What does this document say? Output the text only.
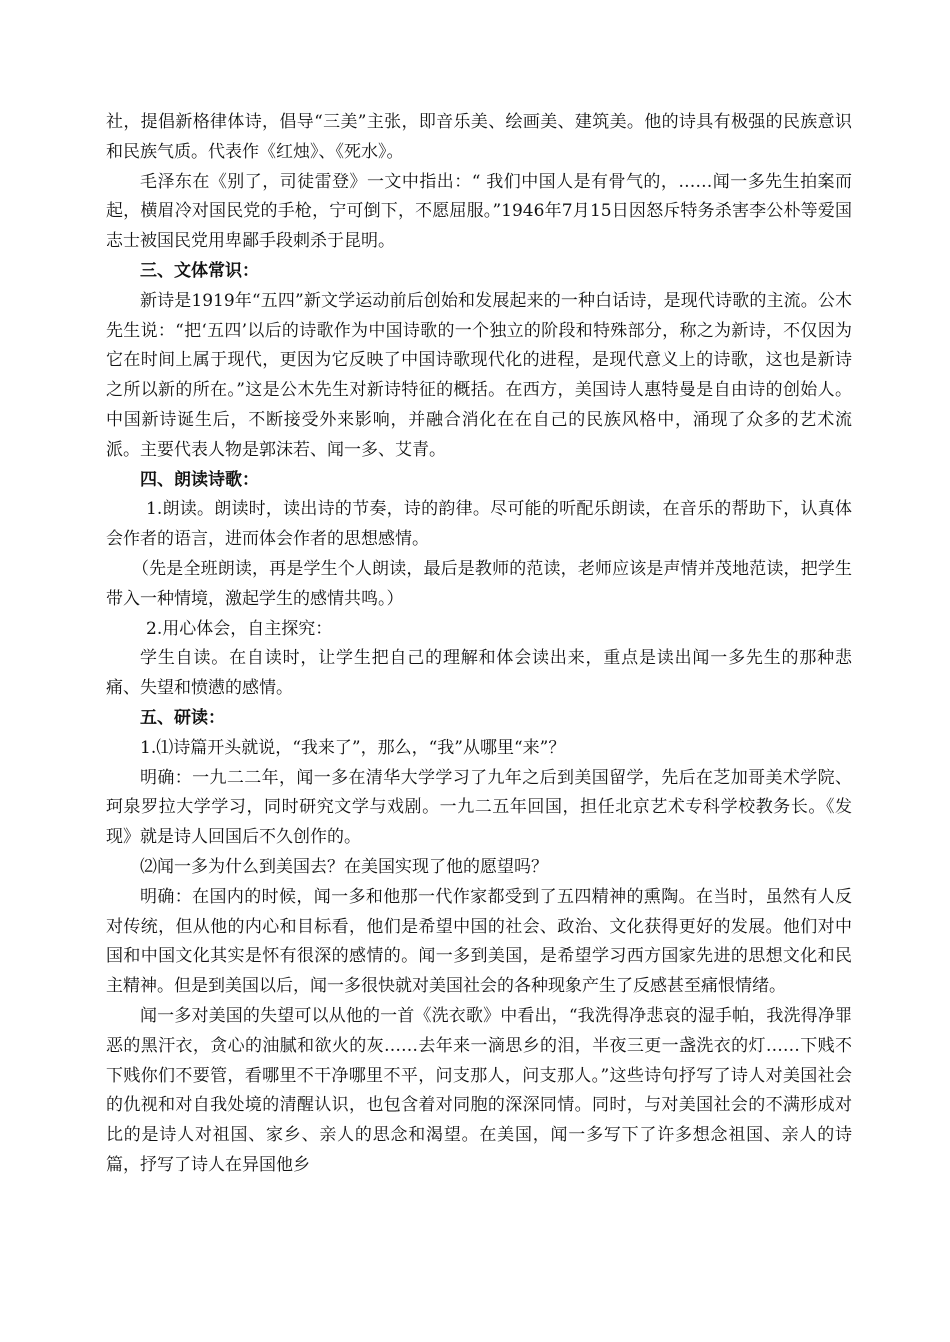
社，提倡新格律体诗，倡导“三美”主张，即音乐美、绘画美、建筑美。他的诗具有极强的民族意识和民族气质。代表作《红烛》、《死水》。

毛泽东在《别了，司徒雷登》一文中指出：“ 我们中国人是有骨气的，……闻一多先生拍案而起，横眉冷对国民党的手枪，宁可倒下，不愿屈服。”1946年7月15日因怒斥特务杀害李公朴等爱国志士被国民党用卑鄙手段刺杀于昆明。

三、文体常识：

新诗是1919年“五四”新文学运动前后创始和发展起来的一种白话诗，是现代诗歌的主流。公木先生说：“把‘五四’以后的诗歌作为中国诗歌的一个独立的阶段和特殊部分，称之为新诗，不仅因为它在时间上属于现代，更因为它反映了中国诗歌现代化的进程，是现代意义上的诗歌，这也是新诗之所以新的所在。”这是公木先生对新诗特征的概括。在西方，美国诗人惠特曼是自由诗的创始人。中国新诗诞生后，不断接受外来影响，并融合消化在在自己的民族风格中，涌现了众多的艺术流派。主要代表人物是郭沫若、闻一多、艾青。

四、朗读诗歌：

1.朗读。朗读时，读出诗的节奏，诗的韵律。尽可能的听配乐朗读，在音乐的帮助下，认真体会作者的语言，进而体会作者的思想感情。

（先是全班朗读，再是学生个人朗读，最后是教师的范读，老师应该是声情并茂地范读，把学生带入一种情境，激起学生的感情共鸣。）

2.用心体会，自主探究：

学生自读。在自读时，让学生把自己的理解和体会读出来，重点是读出闻一多先生的那种悲痛、失望和愤懑的感情。

五、研读：

1.⑴诗篇开头就说，“我来了”，那么，“我”从哪里“来”？

明确：一九二二年，闻一多在清华大学学习了九年之后到美国留学，先后在芝加哥美术学院、珂泉罗拉大学学习，同时研究文学与戏剧。一九二五年回国，担任北京艺术专科学校教务长。《发现》就是诗人回国后不久创作的。

⑵闻一多为什么到美国去？在美国实现了他的愿望吗？

明确：在国内的时候，闻一多和他那一代作家都受到了五四精神的熏陶。在当时，虽然有人反对传统，但从他的内心和目标看，他们是希望中国的社会、政治、文化获得更好的发展。他们对中国和中国文化其实是怀有很深的感情的。闻一多到美国，是希望学习西方国家先进的思想文化和民主精神。但是到美国以后，闻一多很快就对美国社会的各种现象产生了反感甚至痛恨情绪。

闻一多对美国的失望可以从他的一首《洗衣歌》中看出，“我洗得净悲哀的湿手帕，我洗得净罪恶的黑汗衣，贪心的油腻和欲火的灰……去年来一滴思乡的泪，半夜三更一盏洗衣的灯……下贱不下贱你们不要管，看哪里不干净哪里不平，问支那人，问支那人。”这些诗句抒写了诗人对美国社会的仇视和对自我处境的清醒认识，也包含着对同胞的深深同情。同时，与对美国社会的不满形成对比的是诗人对祖国、家乡、亲人的思念和渴望。在美国，闻一多写下了许多想念祖国、亲人的诗篇，抒写了诗人在异国他乡
